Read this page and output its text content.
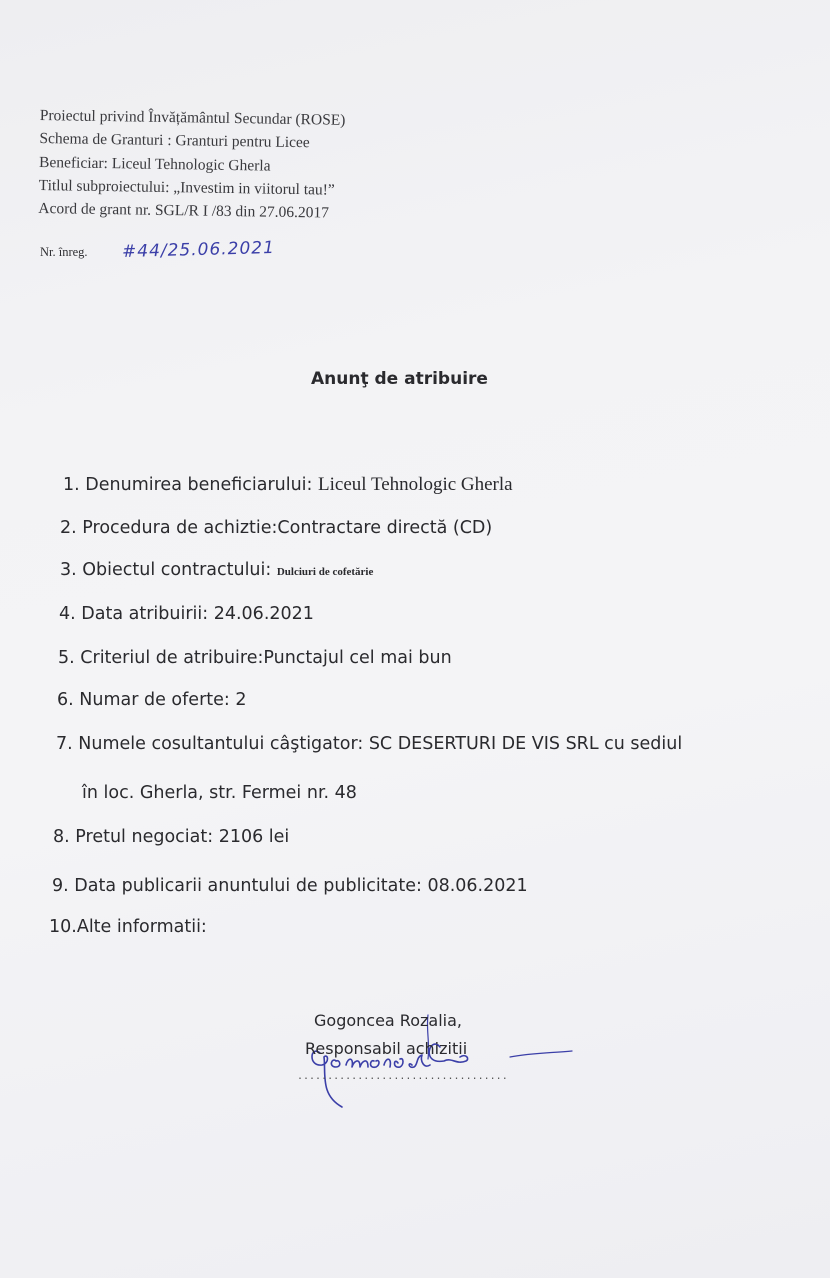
Proiectul privind Învățământul Secundar (ROSE)
Schema de Granturi : Granturi pentru Licee
Beneficiar: Liceul Tehnologic Gherla
Titlul subproiectului: „Investim in viitorul tau!”
Acord de grant nr. SGL/R I /83 din 27.06.2017
Nr. înreg. #44/25.06.2021
Anunţ de atribuire
1. Denumirea beneficiarului: Liceul Tehnologic Gherla
2. Procedura de achiztie:Contractare directă (CD)
3. Obiectul contractului: Dulciuri de cofetărie
4. Data atribuirii: 24.06.2021
5. Criteriul de atribuire:Punctajul cel mai bun
6. Numar de oferte: 2
7. Numele cosultantului câştigator: SC DESERTURI DE VIS SRL cu sediul
în loc. Gherla, str. Fermei nr. 48
8. Pretul negociat: 2106 lei
9. Data publicarii anuntului de publicitate: 08.06.2021
10.Alte informatii:
Gogoncea Rozalia,
Responsabil achizitii
...................................
